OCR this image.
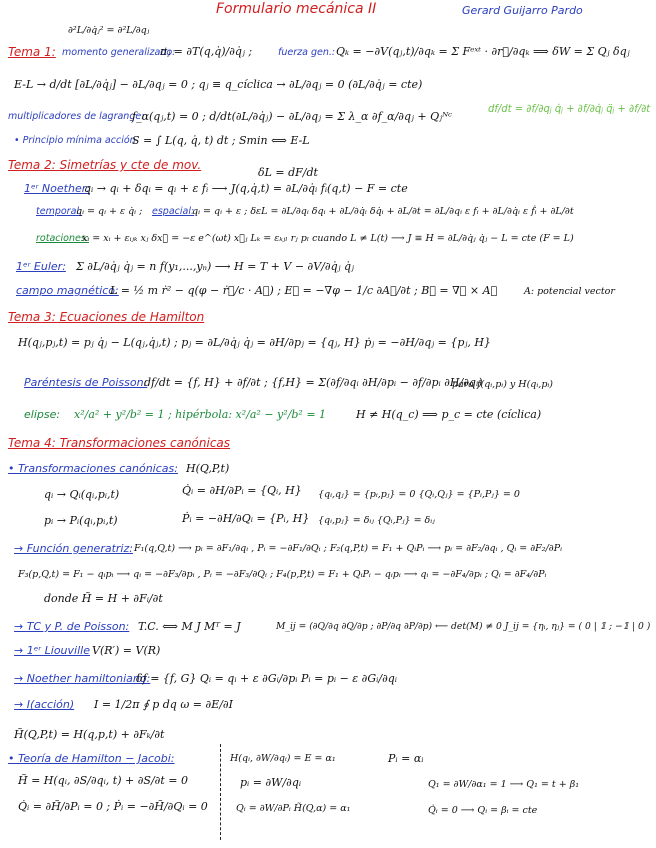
Formulario mecánica II	Gerard Guijarro Pardo
∂²L/∂q̇ⱼ² = ∂²L/∂qⱼ
Tema 1: momento generalizado:
πⱼ = ∂T(q,q̇)/∂q̇ⱼ ;	fuerza gen.: Qₖ = −∂V(qⱼ,t)/∂qₖ = Σ Fᵉˣᵗ · ∂r⃗/∂qₖ ⟹ δW = Σ Qⱼ δqⱼ
E-L → d/dt [∂L/∂q̇ⱼ] − ∂L/∂qⱼ = 0 ; qⱼ ≡ q_cíclica → ∂L/∂qⱼ = 0 (∂L/∂q̇ⱼ = cte)
df/dt = ∂f/∂qⱼ q̇ⱼ + ∂f/∂q̇ⱼ q̈ⱼ + ∂f/∂t
multiplicadores de lagrange:
f_α(qⱼ,t) = 0 ; d/dt(∂L/∂q̇ⱼ) − ∂L/∂qⱼ = Σ λ_α ∂f_α/∂qⱼ + Qⱼᴺᶜ
• Principio mínima acción
S = ∫ L(q, q̇, t) dt ; Smin ⟺ E-L
Tema 2: Simetrías y cte de mov.
δL = dF/dt
1ᵉʳ Noether:
qᵢ → qᵢ + δqᵢ = qᵢ + ε fᵢ ⟶ J(q,q̇,t) = ∂L/∂q̇ᵢ fᵢ(q,t) − F = cte
temporal:
qᵢ = qᵢ + ε q̇ᵢ ; espacial:
qᵢ = qᵢ + ε ; δεL = ∂L/∂qᵢ δqᵢ + ∂L/∂q̇ᵢ δq̇ᵢ + ∂L/∂t = ∂L/∂qᵢ ε fᵢ + ∂L/∂q̇ᵢ ε ḟᵢ + ∂L/∂t
rotaciones:
xᵢ = xᵢ + εᵢⱼₖ xⱼ δx⃗ = −ε e^(ωt) x⃗ⱼ Lₖ = εₖⱼₗ rⱼ pₗ cuando L ≠ L(t) ⟶ J ≡ H = ∂L/∂q̇ⱼ q̇ⱼ − L = cte (F = L)
1ᵉʳ Euler: Σ ∂L/∂q̇ⱼ q̇ⱼ = n f(y₁,...,yₙ) ⟶ H = T + V − ∂V/∂q̇ⱼ q̇ⱼ
campo magnético:
L = ½ m ṙ² − q(φ − ṙ⃗/c · A⃗) ; E⃗ = −∇φ − 1/c ∂A⃗/∂t ; B⃗ = ∇⃗ × A⃗	A: potencial vector
Tema 3: Ecuaciones de Hamilton
H(qⱼ,pⱼ,t) = pⱼ q̇ⱼ − L(qⱼ,q̇ⱼ,t) ; pⱼ = ∂L/∂q̇ⱼ q̇ⱼ = ∂H/∂pⱼ = {qⱼ, H} ṗⱼ = −∂H/∂qⱼ = {pⱼ, H}
Paréntesis de Poisson:
df/dt = {f, H} + ∂f/∂t ; {f,H} = Σ(∂f/∂qᵢ ∂H/∂pᵢ − ∂f/∂pᵢ ∂H/∂qᵢ)
para f(qᵢ,pᵢ) y H(qᵢ,pᵢ)
elipse: x²/a² + y²/b² = 1 ; hipérbola: x²/a² − y²/b² = 1	H ≠ H(q_c) ⟹ p_c = cte (cíclica)
Tema 4: Transformaciones canónicas
• Transformaciones canónicas: H(Q,P,t)
qᵢ → Qᵢ(qᵢ,pᵢ,t)	Q̇ᵢ = ∂H/∂Pᵢ = {Qᵢ, H} {qᵢ,qⱼ} = {pᵢ,pⱼ} = 0 {Qᵢ,Qⱼ} = {Pᵢ,Pⱼ} = 0
pᵢ → Pᵢ(qᵢ,pᵢ,t)	Ṗᵢ = −∂H/∂Qᵢ = {Pᵢ, H} {qᵢ,pⱼ} = δᵢⱼ {Qᵢ,Pⱼ} = δᵢⱼ
→ Función generatriz: F₁(q,Q,t) ⟶ pᵢ = ∂F₁/∂qᵢ , Pᵢ = −∂F₁/∂Qᵢ ; F₂(q,P,t) = F₁ + QᵢPᵢ ⟶ pᵢ = ∂F₂/∂qᵢ , Qᵢ = ∂F₂/∂Pᵢ
F₃(p,Q,t) = F₁ − qᵢpᵢ ⟶ qᵢ = −∂F₃/∂pᵢ , Pᵢ = −∂F₃/∂Qᵢ ; F₄(p,P,t) = F₁ + QᵢPᵢ − qᵢpᵢ ⟶ qᵢ = −∂F₄/∂pᵢ ; Qᵢ = ∂F₄/∂Pᵢ
donde H̃ = H + ∂Fᵢ/∂t
→ TC y P. de Poisson: T.C. ⟺ M J Mᵀ = J	M_ij = (∂Q/∂q ∂Q/∂p ; ∂P/∂q ∂P/∂p) ⟵ det(M) ≠ 0 J_ij = {ηᵢ, ηⱼ} = ( 0 | 𝟙 ; −𝟙 | 0 )
→ 1ᵉʳ Liouville V(R′) = V(R)
→ Noether hamiltoniano:
δf = {f, G} Qᵢ = qᵢ + ε ∂Gᵢ/∂pᵢ Pᵢ = pᵢ − ε ∂Gᵢ/∂qᵢ
→ I(acción) I = 1/2π ∮ p dq ω = ∂E/∂I
H̃(Q,P,t) = H(q,p,t) + ∂Fₖ/∂t
• Teoría de Hamilton − Jacobi:	H(qᵢ, ∂W/∂qᵢ) = E = α₁	Pᵢ = αᵢ
H̃ = H(qᵢ, ∂S/∂qᵢ, t) + ∂S/∂t = 0	pᵢ = ∂W/∂qᵢ	Q₁ = ∂W/∂α₁ = 1 ⟶ Q₁ = t + β₁
Q̇ᵢ = ∂H̃/∂Pᵢ = 0 ; Ṗᵢ = −∂H̃/∂Qᵢ = 0	Qᵢ = ∂W/∂Pᵢ H̃(Q,α) = α₁	Q̇ᵢ = 0 ⟶ Qᵢ = βᵢ = cte
